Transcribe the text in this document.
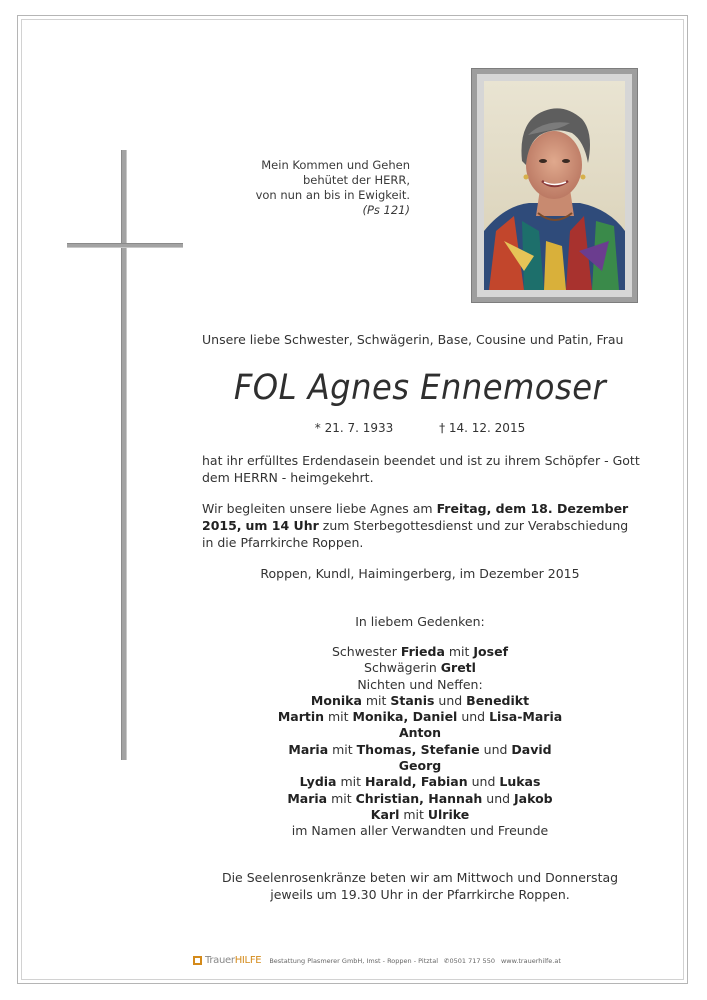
Mein Kommen und Gehen
behütet der HERR,
von nun an bis in Ewigkeit.
(Ps 121)
Unsere liebe Schwester, Schwägerin, Base, Cousine und Patin, Frau
FOL Agnes Ennemoser
* 21. 7. 1933	† 14. 12. 2015
hat ihr erfülltes Erdendasein beendet und ist zu ihrem Schöpfer - Gott dem HERRN - heimgekehrt.
Wir begleiten unsere liebe Agnes am Freitag, dem 18. Dezember 2015, um 14 Uhr zum Sterbegottesdienst und zur Verabschiedung in die Pfarrkirche Roppen.
Roppen, Kundl, Haimingerberg, im Dezember 2015
In liebem Gedenken:
Schwester Frieda mit Josef
Schwägerin Gretl
Nichten und Neffen:
Monika mit Stanis und Benedikt
Martin mit Monika, Daniel und Lisa-Maria
Anton
Maria mit Thomas, Stefanie und David
Georg
Lydia mit Harald, Fabian und Lukas
Maria mit Christian, Hannah und Jakob
Karl mit Ulrike
im Namen aller Verwandten und Freunde
Die Seelenrosenkränze beten wir am Mittwoch und Donnerstag jeweils um 19.30 Uhr in der Pfarrkirche Roppen.
TrauerHILFE Bestattung Plasmerer GmbH, Imst - Roppen - Pitztal ✆0501 717 550 www.trauerhilfe.at
